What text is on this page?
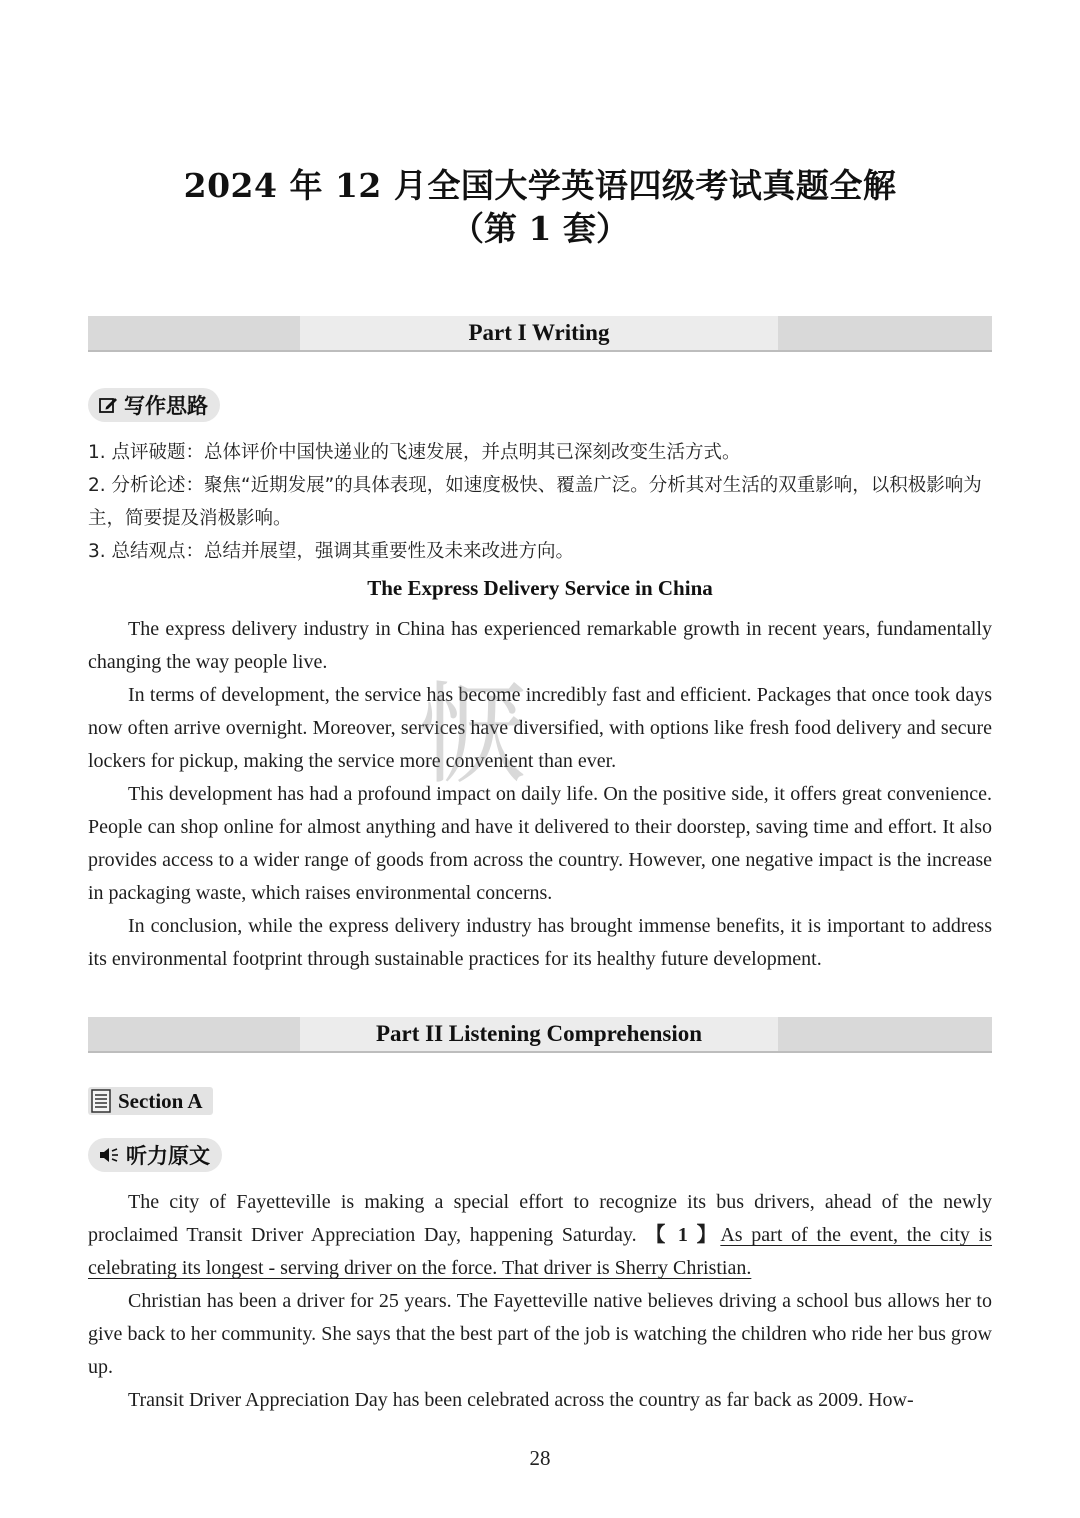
2024 年 12 月全国大学英语四级考试真题全解
（第 1 套）
Part I Writing
写作思路
1. 点评破题：总体评价中国快递业的飞速发展，并点明其已深刻改变生活方式。
2. 分析论述：聚焦“近期发展”的具体表现，如速度极快、覆盖广泛。分析其对生活的双重影响，以积极影响为主，简要提及消极影响。
3. 总结观点：总结并展望，强调其重要性及未来改进方向。
The Express Delivery Service in China

The express delivery industry in China has experienced remarkable growth in recent years, fundamentally changing the way people live.

In terms of development, the service has become incredibly fast and efficient. Packages that once took days now often arrive overnight. Moreover, services have diversified, with options like fresh food delivery and secure lockers for pickup, making the service more convenient than ever.

This development has had a profound impact on daily life. On the positive side, it offers great convenience. People can shop online for almost anything and have it delivered to their doorstep, saving time and effort. It also provides access to a wider range of goods from across the country. However, one negative impact is the increase in packaging waste, which raises environmental concerns.

In conclusion, while the express delivery industry has brought immense benefits, it is important to address its environmental footprint through sustainable practices for its healthy future development.

恹
Part II Listening Comprehension
Section A
听力原文

The city of Fayetteville is making a special effort to recognize its bus drivers, ahead of the newly proclaimed Transit Driver Appreciation Day, happening Saturday. 【 1 】As part of the event, the city is celebrating its longest - serving driver on the force. That driver is Sherry Christian.

Christian has been a driver for 25 years. The Fayetteville native believes driving a school bus allows her to give back to her community. She says that the best part of the job is watching the children who ride her bus grow up.

Transit Driver Appreciation Day has been celebrated across the country as far back as 2009. How-

28
